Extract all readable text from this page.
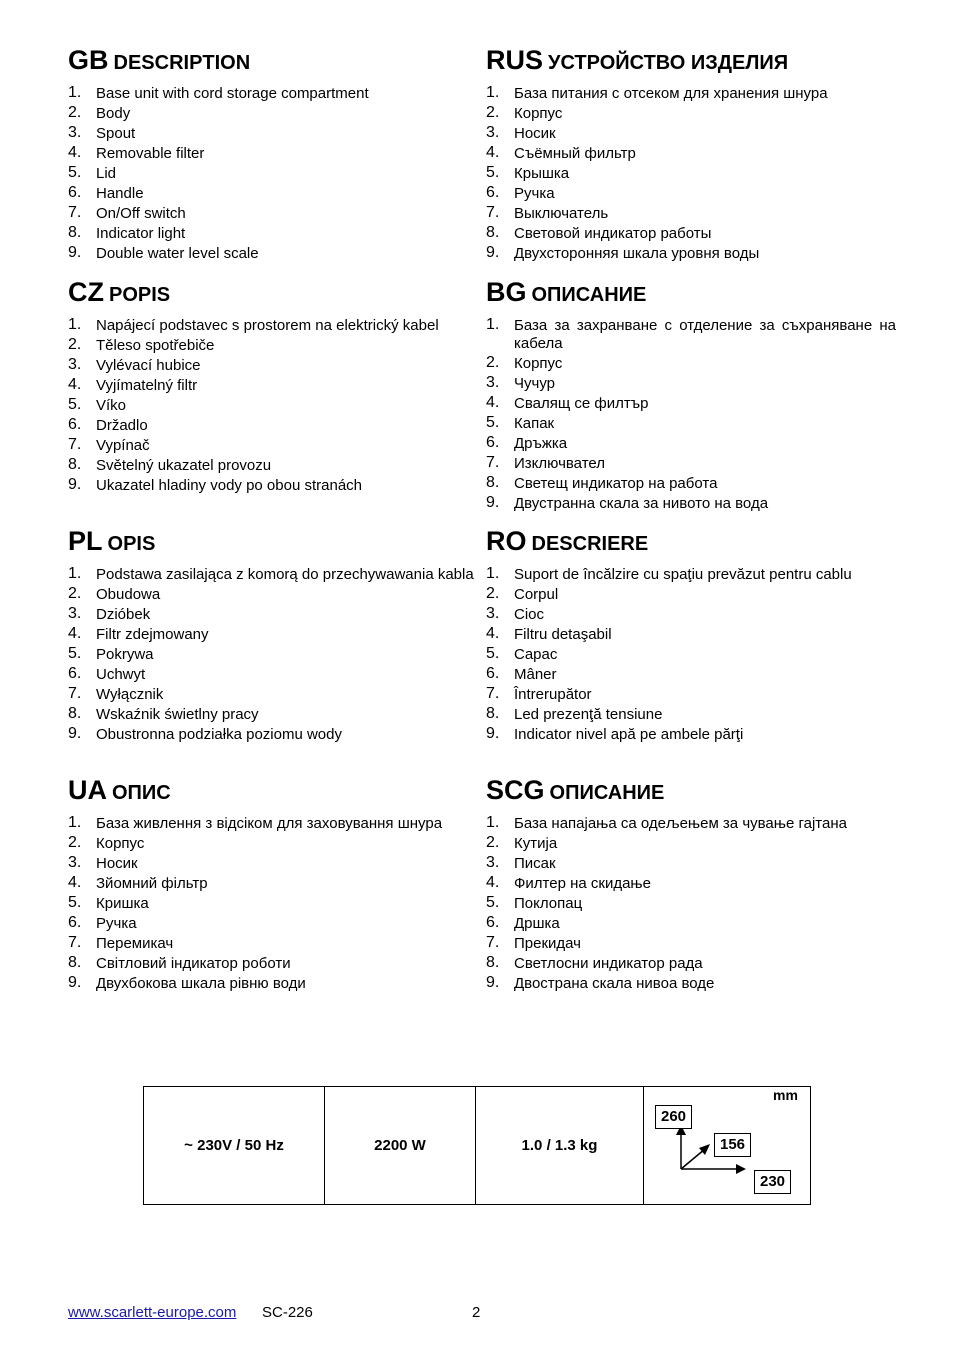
GB DESCRIPTION
1. Base unit with cord storage compartment
2. Body
3. Spout
4. Removable filter
5. Lid
6. Handle
7. On/Off switch
8. Indicator light
9. Double water level scale
RUS УСТРОЙСТВО ИЗДЕЛИЯ
1. База питания с отсеком для хранения шнура
2. Корпус
3. Носик
4. Съёмный фильтр
5. Крышка
6. Ручка
7. Выключатель
8. Световой индикатор работы
9. Двухсторонняя шкала уровня воды
CZ POPIS
1. Napájecí podstavec s prostorem na elektrický kabel
2. Těleso spotřebiče
3. Vylévací hubice
4. Vyjímatelný filtr
5. Víko
6. Držadlo
7. Vypínač
8. Světelný ukazatel provozu
9. Ukazatel hladiny vody po obou stranách
BG ОПИСАНИЕ
1. База за захранване с отделение за съхраняване на кабела
2. Корпус
3. Чучур
4. Свалящ се филтър
5. Капак
6. Дръжка
7. Изключвател
8. Светещ индикатор на работа
9. Двустранна скала за нивото на вода
PL OPIS
1. Podstawa zasilająca z komorą do przechywawania kabla
2. Obudowa
3. Dzióbek
4. Filtr zdejmowany
5. Pokrywa
6. Uchwyt
7. Wyłącznik
8. Wskaźnik świetlny pracy
9. Obustronna podziałka poziomu wody
RO DESCRIERE
1. Suport de încălzire cu spaţiu prevăzut pentru cablu
2. Corpul
3. Cioc
4. Filtru detaşabil
5. Capac
6. Mâner
7. Întrerupător
8. Led prezenţă tensiune
9. Indicator nivel apă pe ambele părţi
UA ОПИС
1. База живлення з відсіком для заховування шнура
2. Корпус
3. Носик
4. Зйомний фільтр
5. Кришка
6. Ручка
7. Перемикач
8. Світловий індикатор роботи
9. Двухбокова шкала рівню води
SCG ОПИСАНИЕ
1. База напајања са одељењем за чување гајтана
2. Кутија
3. Писак
4. Филтер на скидање
5. Поклопац
6. Дршка
7. Прекидач
8. Светлосни индикатор рада
9. Двострана скала нивоа воде
~ 230V / 50 Hz	2200 W	1.0 / 1.3 kg
mm
260
156
230
www.scarlett-europe.com SC-226	2
